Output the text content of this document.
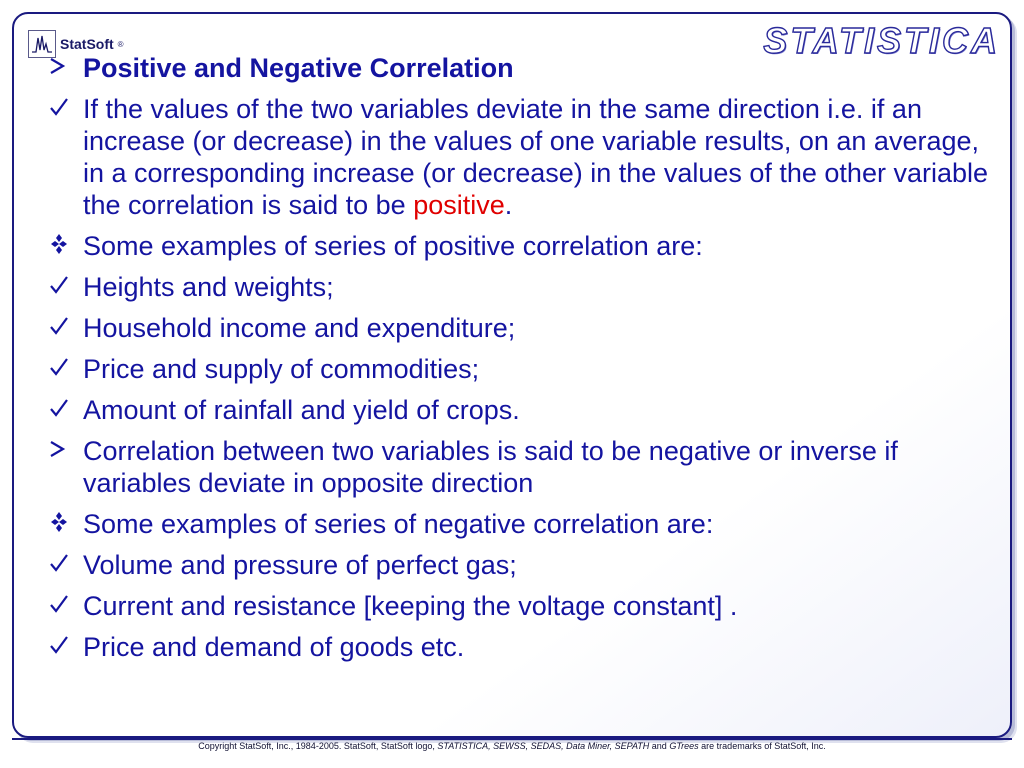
StatSoft ®	STATISTICA
Positive and Negative Correlation
If the values of the two variables deviate in the same direction i.e. if an increase (or decrease) in the values of one variable results, on an average, in a corresponding increase (or decrease) in the values of the other variable the correlation is said to be positive.
Some examples of series of positive correlation are:
Heights and weights;
Household income and expenditure;
Price and supply of commodities;
Amount of rainfall and yield of crops.
Correlation between two variables is said to be negative or inverse if variables deviate in opposite direction
Some examples of series of negative correlation are:
Volume and pressure of perfect gas;
Current and resistance [keeping the voltage constant] .
Price and demand of goods etc.
Copyright StatSoft, Inc., 1984-2005. StatSoft, StatSoft logo, STATISTICA, SEWSS, SEDAS, Data Miner, SEPATH and GTrees are trademarks of StatSoft, Inc.
